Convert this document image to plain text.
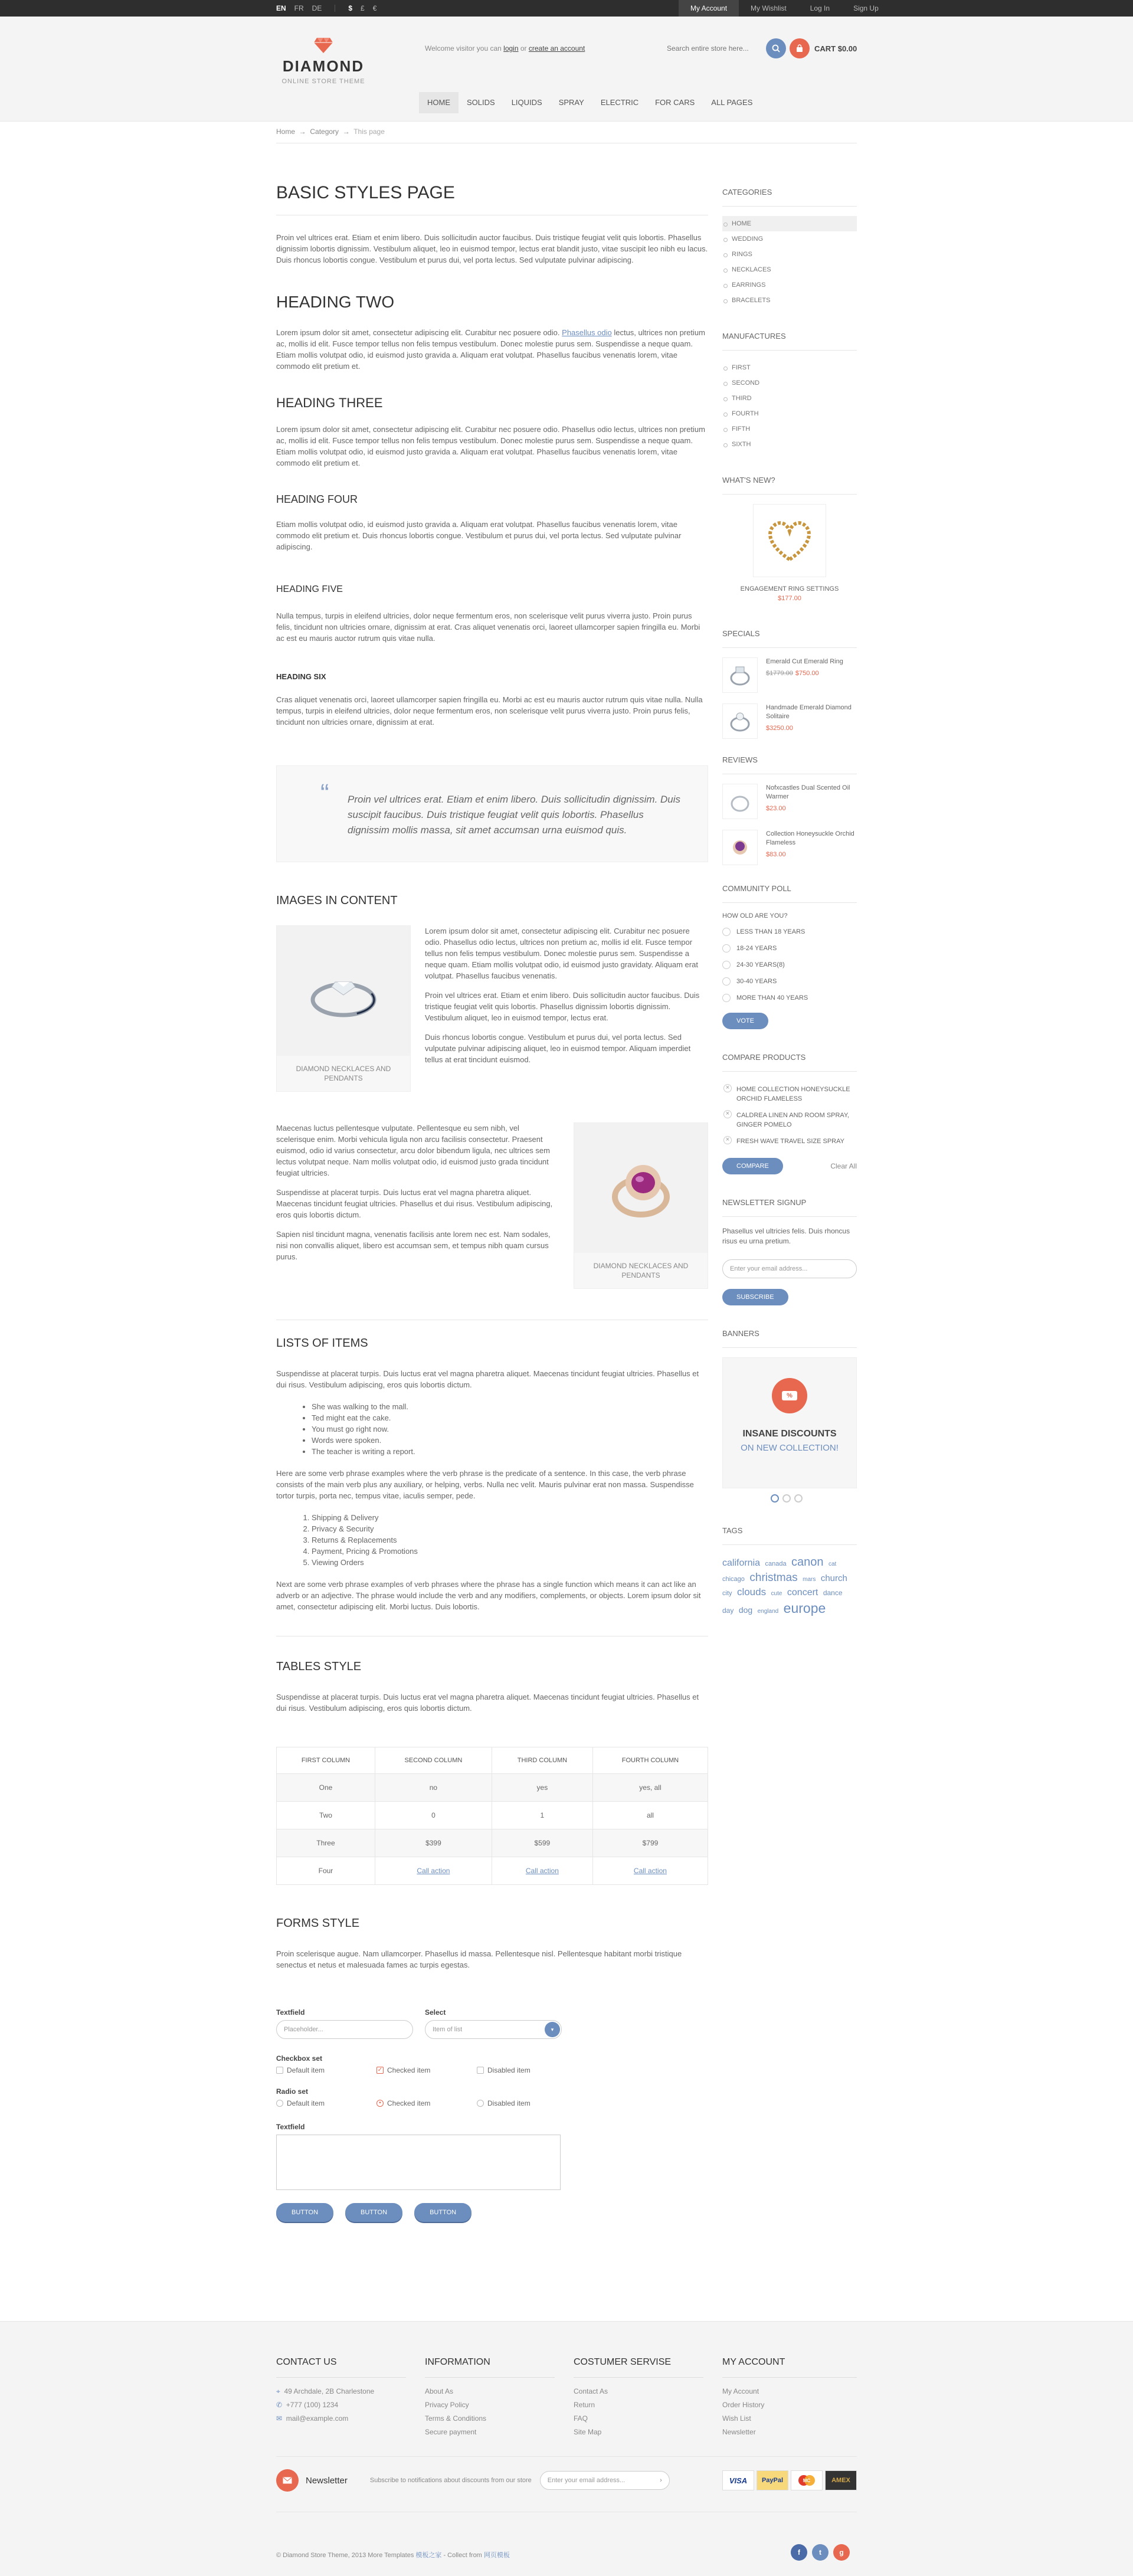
EN FR DE	$ £ €	My Account	My Wishlist	Log In	Sign Up
DIAMOND
ONLINE STORE THEME
Welcome visitor you can login or create an account
Search entire store here...	CART $0.00
HOME	SOLIDS	LIQUIDS	SPRAY	ELECTRIC	FOR CARS	ALL PAGES
Home  →  Category  →  This page
BASIC STYLES PAGE

Proin vel ultrices erat. Etiam et enim libero. Duis sollicitudin auctor faucibus. Duis tristique feugiat velit quis lobortis. Phasellus dignissim lobortis dignissim. Vestibulum aliquet, leo in euismod tempor, lectus erat blandit justo, vitae suscipit leo nibh eu lacus. Duis rhoncus lobortis congue. Vestibulum et purus dui, vel porta lectus. Sed vulputate pulvinar adipiscing.

HEADING TWO

Lorem ipsum dolor sit amet, consectetur adipiscing elit. Curabitur nec posuere odio. Phasellus odio lectus, ultrices non pretium ac, mollis id elit. Fusce tempor tellus non felis tempus vestibulum. Donec molestie purus sem. Suspendisse a neque quam. Etiam mollis volutpat odio, id euismod justo gravida a. Aliquam erat volutpat. Phasellus faucibus venenatis lorem, vitae commodo elit pretium et.

HEADING THREE

Lorem ipsum dolor sit amet, consectetur adipiscing elit. Curabitur nec posuere odio. Phasellus odio lectus, ultrices non pretium ac, mollis id elit. Fusce tempor tellus non felis tempus vestibulum. Donec molestie purus sem. Suspendisse a neque quam. Etiam mollis volutpat odio, id euismod justo gravida a. Aliquam erat volutpat. Phasellus faucibus venenatis lorem, vitae commodo elit pretium et.

HEADING FOUR

Etiam mollis volutpat odio, id euismod justo gravida a. Aliquam erat volutpat. Phasellus faucibus venenatis lorem, vitae commodo elit pretium et. Duis rhoncus lobortis congue. Vestibulum et purus dui, vel porta lectus. Sed vulputate pulvinar adipiscing.

HEADING FIVE

Nulla tempus, turpis in eleifend ultricies, dolor neque fermentum eros, non scelerisque velit purus viverra justo. Proin purus felis, tincidunt non ultricies ornare, dignissim at erat. Cras aliquet venenatis orci, laoreet ullamcorper sapien fringilla eu. Morbi ac est eu mauris auctor rutrum quis vitae nulla.

HEADING SIX

Cras aliquet venenatis orci, laoreet ullamcorper sapien fringilla eu. Morbi ac est eu mauris auctor rutrum quis vitae nulla. Nulla tempus, turpis in eleifend ultricies, dolor neque fermentum eros, non scelerisque velit purus viverra justo. Proin purus felis, tincidunt non ultricies ornare, dignissim at erat.

“ Proin vel ultrices erat. Etiam et enim libero. Duis sollicitudin dignissim. Duis suscipit faucibus. Duis tristique feugiat velit quis lobortis. Phasellus dignissim mollis massa, sit amet accumsan urna euismod quis.
IMAGES IN CONTENT
DIAMOND NECKLACES AND PENDANTS

Lorem ipsum dolor sit amet, consectetur adipiscing elit. Curabitur nec posuere odio. Phasellus odio lectus, ultrices non pretium ac, mollis id elit. Fusce tempor tellus non felis tempus vestibulum. Donec molestie purus sem. Suspendisse a neque quam. Etiam mollis volutpat odio, id euismod justo gravidaty. Aliquam erat volutpat. Phasellus faucibus venenatis.

Proin vel ultrices erat. Etiam et enim libero. Duis sollicitudin auctor faucibus. Duis tristique feugiat velit quis lobortis. Phasellus dignissim lobortis dignissim. Vestibulum aliquet, leo in euismod tempor, lectus erat.

Duis rhoncus lobortis congue. Vestibulum et purus dui, vel porta lectus. Sed vulputate pulvinar adipiscing aliquet, leo in euismod tempor. Aliquam imperdiet tellus at erat tincidunt euismod.

Maecenas luctus pellentesque vulputate. Pellentesque eu sem nibh, vel scelerisque enim. Morbi vehicula ligula non arcu facilisis consectetur. Praesent euismod, odio id varius consectetur, arcu dolor bibendum ligula, nec ultrices sem lectus volutpat neque. Nam mollis volutpat odio, id euismod justo grada tincidunt feugiat ultricies.

Suspendisse at placerat turpis. Duis luctus erat vel magna pharetra aliquet. Maecenas tincidunt feugiat ultricies. Phasellus et dui risus. Vestibulum adipiscing, eros quis lobortis dictum.

Sapien nisl tincidunt magna, venenatis facilisis ante lorem nec est. Nam sodales, nisi non convallis aliquet, libero est accumsan sem, et tempus nibh quam cursus purus.

DIAMOND NECKLACES AND PENDANTS
LISTS OF ITEMS

Suspendisse at placerat turpis. Duis luctus erat vel magna pharetra aliquet. Maecenas tincidunt feugiat ultricies. Phasellus et dui risus. Vestibulum adipiscing, eros quis lobortis dictum.

• She was walking to the mall.
• Ted might eat the cake.
• You must go right now.
• Words were spoken.
• The teacher is writing a report.

Here are some verb phrase examples where the verb phrase is the predicate of a sentence. In this case, the verb phrase consists of the main verb plus any auxiliary, or helping, verbs. Nulla nec velit. Mauris pulvinar erat non massa. Suspendisse tortor turpis, porta nec, tempus vitae, iaculis semper, pede.

1. Shipping & Delivery
2. Privacy & Security
3. Returns & Replacements
4. Payment, Pricing & Promotions
5. Viewing Orders

Next are some verb phrase examples of verb phrases where the phrase has a single function which means it can act like an adverb or an adjective. The phrase would include the verb and any modifiers, complements, or objects. Lorem ipsum dolor sit amet, consectetur adipiscing elit. Morbi luctus. Duis lobortis.

TABLES STYLE

Suspendisse at placerat turpis. Duis luctus erat vel magna pharetra aliquet. Maecenas tincidunt feugiat ultricies. Phasellus et dui risus. Vestibulum adipiscing, eros quis lobortis dictum.

FIRST COLUMN	SECOND COLUMN	THIRD COLUMN	FOURTH COLUMN
One	no	yes	yes, all
Two	0	1	all
Three	$399	$599	$799
Four	Call action	Call action	Call action
FORMS STYLE

Proin scelerisque augue. Nam ullamcorper. Phasellus id massa. Pellentesque nisl. Pellentesque habitant morbi tristique senectus et netus et malesuada fames ac turpis egestas.

Textfield
Placeholder...
Select
Item of list	▾
Checkbox set
Default item	✓ Checked item	Disabled item
Radio set
Default item	• Checked item	Disabled item
Textfield
BUTTON	BUTTON	BUTTON
CATEGORIES
HOME
WEDDING
RINGS
NECKLACES
EARRINGS
BRACELETS
MANUFACTURES
FIRST
SECOND
THIRD
FOURTH
FIFTH
SIXTH
WHAT'S NEW?
ENGAGEMENT RING SETTINGS
$177.00
SPECIALS
Emerald Cut Emerald Ring
$1779.00 $750.00
Handmade Emerald Diamond Solitaire
$3250.00
REVIEWS
Nofxcastles Dual Scented Oil Warmer
$23.00
Collection Honeysuckle Orchid Flameless
$83.00
COMMUNITY POLL
HOW OLD ARE YOU?
LESS THAN 18 YEARS
18-24 YEARS
24-30 YEARS(8)
30-40 YEARS
MORE THAN 40 YEARS
VOTE
COMPARE PRODUCTS
× HOME COLLECTION HONEYSUCKLE ORCHID FLAMELESS
× CALDREA LINEN AND ROOM SPRAY, GINGER POMELO
× FRESH WAVE TRAVEL SIZE SPRAY
COMPARE	Clear All
NEWSLETTER SIGNUP

Phasellus vel ultricies felis. Duis rhoncus risus eu urna pretium.

Enter your email address...
SUBSCRIBE
BANNERS
%
INSANE DISCOUNTS
ON NEW COLLECTION!
TAGS
california canada canon cat chicago christmas mars church city clouds cute concert dance day dog england europe
CONTACT US
⌖ 49 Archdale, 2B Charlestone
✆ +777 (100) 1234
✉ mail@example.com
INFORMATION
About As
Privacy Policy
Terms & Conditions
Secure payment
COSTUMER SERVISE
Contact As
Return
FAQ
Site Map
MY ACCOUNT
My Account
Order History
Wish List
Newsletter
Newsletter	Subscribe to notifications about discounts from our store Enter your email address...	›	VISA	PayPal	MC	AMEX
© Diamond Store Theme, 2013 More Templates 模板之家 - Collect from 网页模板	f	t	g
